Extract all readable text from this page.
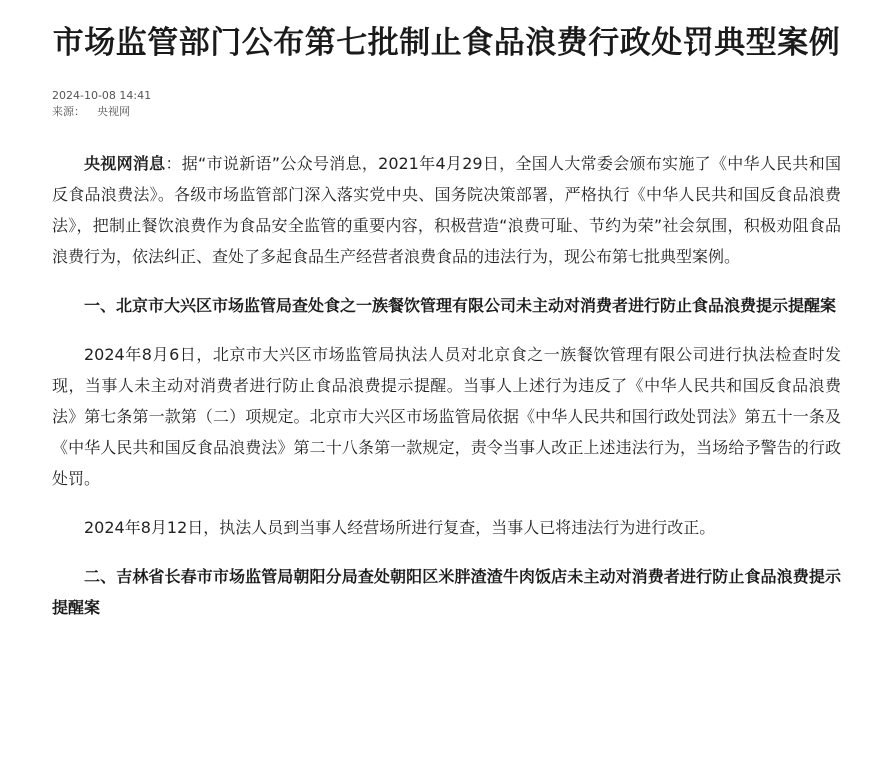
市场监管部门公布第七批制止食品浪费行政处罚典型案例
2024-10-08 14:41
来源： 央视网

央视网消息：据“市说新语”公众号消息，2021年4月29日，全国人大常委会颁布实施了《中华人民共和国反食品浪费法》。各级市场监管部门深入落实党中央、国务院决策部署，严格执行《中华人民共和国反食品浪费法》，把制止餐饮浪费作为食品安全监管的重要内容，积极营造“浪费可耻、节约为荣”社会氛围，积极劝阻食品浪费行为，依法纠正、查处了多起食品生产经营者浪费食品的违法行为，现公布第七批典型案例。

一、北京市大兴区市场监管局查处食之一族餐饮管理有限公司未主动对消费者进行防止食品浪费提示提醒案

2024年8月6日，北京市大兴区市场监管局执法人员对北京食之一族餐饮管理有限公司进行执法检查时发现，当事人未主动对消费者进行防止食品浪费提示提醒。当事人上述行为违反了《中华人民共和国反食品浪费法》第七条第一款第（二）项规定。北京市大兴区市场监管局依据《中华人民共和国行政处罚法》第五十一条及《中华人民共和国反食品浪费法》第二十八条第一款规定，责令当事人改正上述违法行为，当场给予警告的行政处罚。

2024年8月12日，执法人员到当事人经营场所进行复查，当事人已将违法行为进行改正。

二、吉林省长春市市场监管局朝阳分局查处朝阳区米胖渣渣牛肉饭店未主动对消费者进行防止食品浪费提示提醒案
